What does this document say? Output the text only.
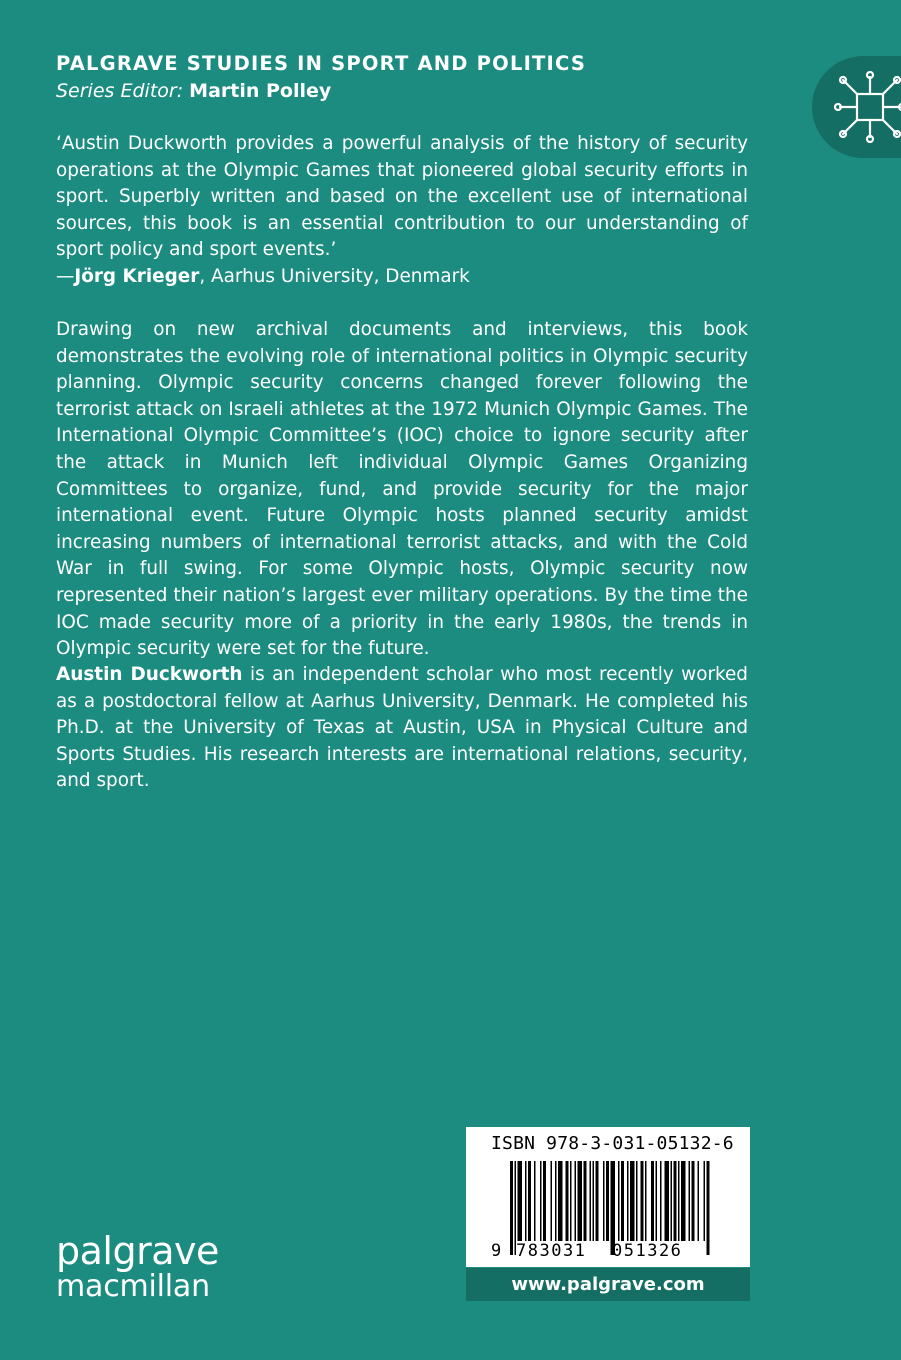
PALGRAVE STUDIES IN SPORT AND POLITICS
Series Editor: Martin Polley

‘Austin Duckworth provides a powerful analysis of the history of security operations at the Olympic Games that pioneered global security efforts in sport. Superbly written and based on the excellent use of international sources, this book is an essential contribution to our understanding of sport policy and sport events.’

—Jörg Krieger, Aarhus University, Denmark

Drawing on new archival documents and interviews, this book demonstrates the evolving role of international politics in Olympic security planning. Olympic security concerns changed forever following the terrorist attack on Israeli athletes at the 1972 Munich Olympic Games. The International Olympic Committee’s (IOC) choice to ignore security after the attack in Munich left individual Olympic Games Organizing Committees to organize, fund, and provide security for the major international event. Future Olympic hosts planned security amidst increasing numbers of international terrorist attacks, and with the Cold War in full swing. For some Olympic hosts, Olympic security now represented their nation’s largest ever military operations. By the time the IOC made security more of a priority in the early 1980s, the trends in Olympic security were set for the future.

Austin Duckworth is an independent scholar who most recently worked as a postdoctoral fellow at Aarhus University, Denmark. He completed his Ph.D. at the University of Texas at Austin, USA in Physical Culture and Sports Studies. His research interests are international relations, security, and sport.

palgrave
macmillan
ISBN 978-3-031-05132-6
9 783031 051326
www.palgrave.com
